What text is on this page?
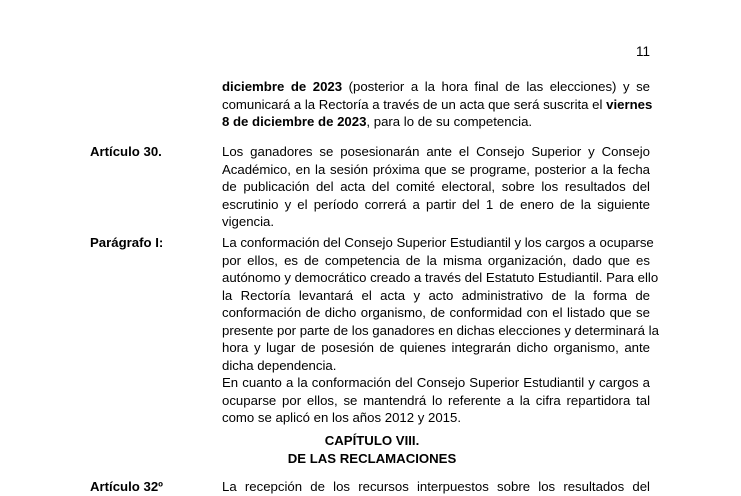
11
diciembre de 2023 (posterior a la hora final de las elecciones) y se
comunicará a la Rectoría a través de un acta que será suscrita el viernes
8 de diciembre de 2023, para lo de su competencia.
Artículo 30.	Los ganadores se posesionarán ante el Consejo Superior y Consejo
Académico, en la sesión próxima que se programe, posterior a la fecha
de publicación del acta del comité electoral, sobre los resultados del
escrutinio y el período correrá a partir del 1 de enero de la siguiente
vigencia.
Parágrafo I:	La conformación del Consejo Superior Estudiantil y los cargos a ocuparse
por ellos, es de competencia de la misma organización, dado que es
autónomo y democrático creado a través del Estatuto Estudiantil. Para ello
la Rectoría levantará el acta y acto administrativo de la forma de
conformación de dicho organismo, de conformidad con el listado que se
presente por parte de los ganadores en dichas elecciones y determinará la
hora y lugar de posesión de quienes integrarán dicho organismo, ante
dicha dependencia.
En cuanto a la conformación del Consejo Superior Estudiantil y cargos a
ocuparse por ellos, se mantendrá lo referente a la cifra repartidora tal
como se aplicó en los años 2012 y 2015.
CAPÍTULO VIII.
DE LAS RECLAMACIONES
Artículo 32º	La recepción de los recursos interpuestos sobre los resultados del
